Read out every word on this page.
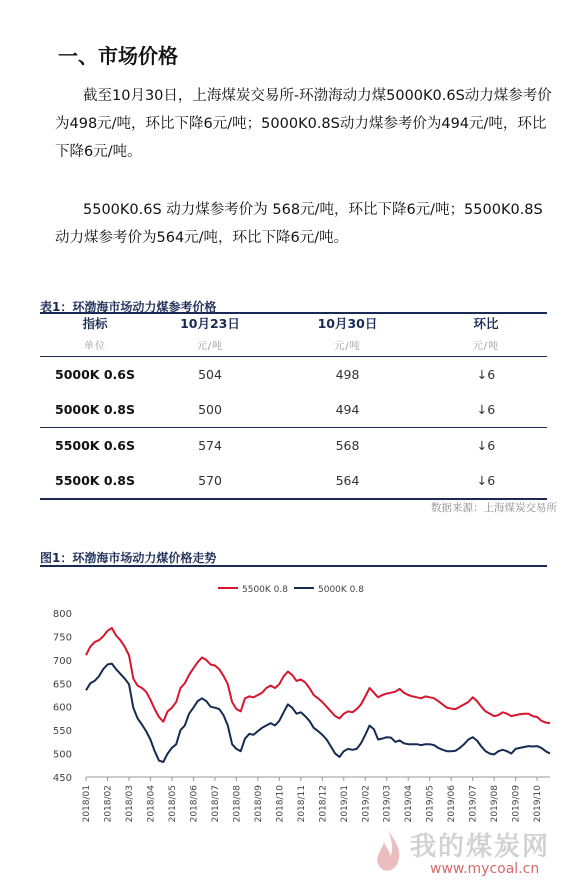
一、市场价格

截至10月30日，上海煤炭交易所-环渤海动力煤5000K0.6S动力煤参考价为498元/吨，环比下降6元/吨；5000K0.8S动力煤参考价为494元/吨，环比下降6元/吨。

5500K0.6S 动力煤参考价为 568元/吨，环比下降6元/吨；5500K0.8S动力煤参考价为564元/吨，环比下降6元/吨。

表1：环渤海市场动力煤参考价格
指标	10月23日	10月30日	环比
单位	元/吨	元/吨	元/吨
5000K 0.6S	504	498	↓6
5000K 0.8S	500	494	↓6
5500K 0.6S	574	568	↓6
5500K 0.8S	570	564	↓6
数据来源：上海煤炭交易所
图1：环渤海市场动力煤价格走势
450
500
550
600
650
700
750
800
2018/01 2018/02 2018/03 2018/04 2018/05 2018/06 2018/07 2018/08 2018/09 2018/10 2018/11 2018/12 2019/01 2019/02 2019/03 2019/04 2019/05 2019/06 2019/07 2019/08 2019/09 2019/10
5500K 0.8	5000K 0.8
我的煤炭网
www.mycoal.cn
